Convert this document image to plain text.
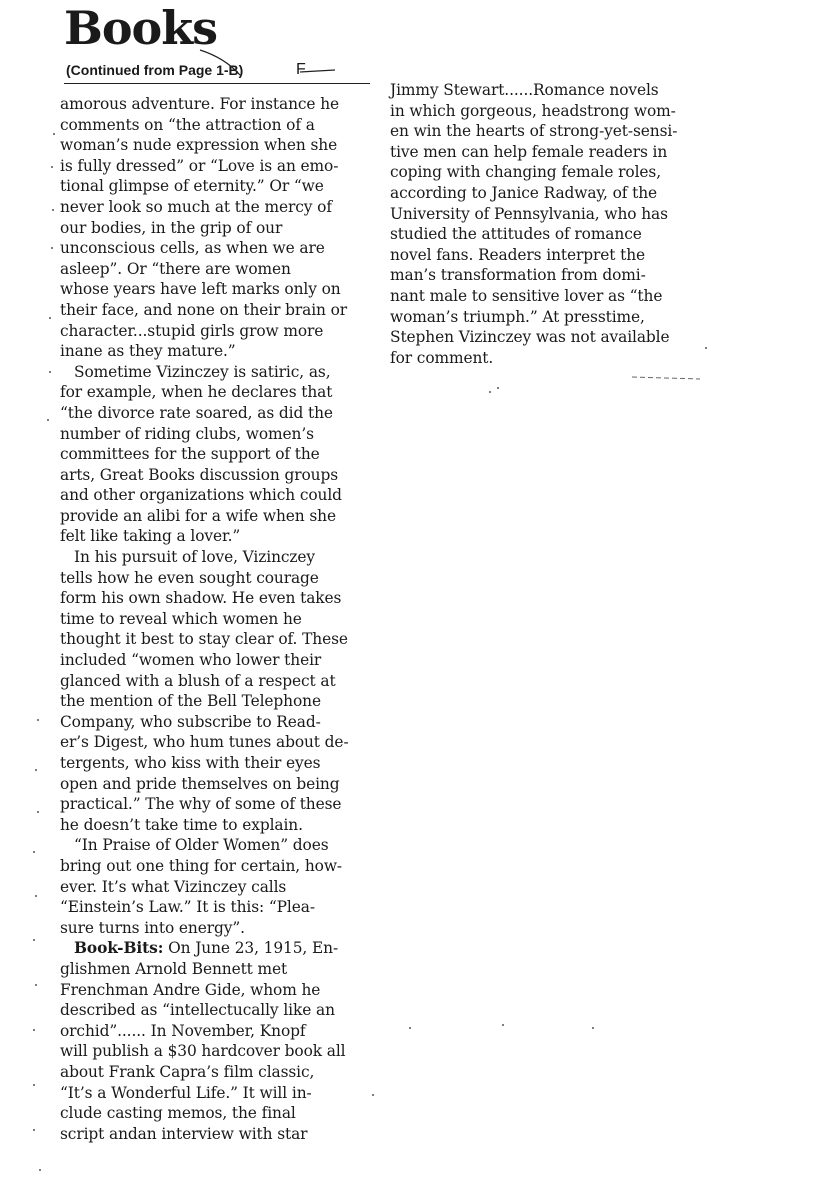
Books
(Continued from Page 1-B)	F
amorous adventure. For instance he
comments on “the attraction of a
woman’s nude expression when she
is fully dressed” or “Love is an emo-
tional glimpse of eternity.” Or “we
never look so much at the mercy of
our bodies, in the grip of our
unconscious cells, as when we are
asleep”. Or “there are women
whose years have left marks only on
their face, and none on their brain or
character...stupid girls grow more
inane as they mature.”
Sometime Vizinczey is satiric, as,
for example, when he declares that
“the divorce rate soared, as did the
number of riding clubs, women’s
committees for the support of the
arts, Great Books discussion groups
and other organizations which could
provide an alibi for a wife when she
felt like taking a lover.”
In his pursuit of love, Vizinczey
tells how he even sought courage
form his own shadow. He even takes
time to reveal which women he
thought it best to stay clear of. These
included “women who lower their
glanced with a blush of a respect at
the mention of the Bell Telephone
Company, who subscribe to Read-
er’s Digest, who hum tunes about de-
tergents, who kiss with their eyes
open and pride themselves on being
practical.” The why of some of these
he doesn’t take time to explain.
“In Praise of Older Women” does
bring out one thing for certain, how-
ever. It’s what Vizinczey calls
“Einstein’s Law.” It is this: “Plea-
sure turns into energy”.
Book-Bits: On June 23, 1915, En-
glishmen Arnold Bennett met
Frenchman Andre Gide, whom he
described as “intellectucally like an
orchid”...... In November, Knopf
will publish a $30 hardcover book all
about Frank Capra’s film classic,
“It’s a Wonderful Life.” It will in-
clude casting memos, the final
script andan interview with star
Jimmy Stewart......Romance novels
in which gorgeous, headstrong wom-
en win the hearts of strong-yet-sensi-
tive men can help female readers in
coping with changing female roles,
according to Janice Radway, of the
University of Pennsylvania, who has
studied the attitudes of romance
novel fans. Readers interpret the
man’s transformation from domi-
nant male to sensitive lover as “the
woman’s triumph.” At presstime,
Stephen Vizinczey was not available
for comment.
